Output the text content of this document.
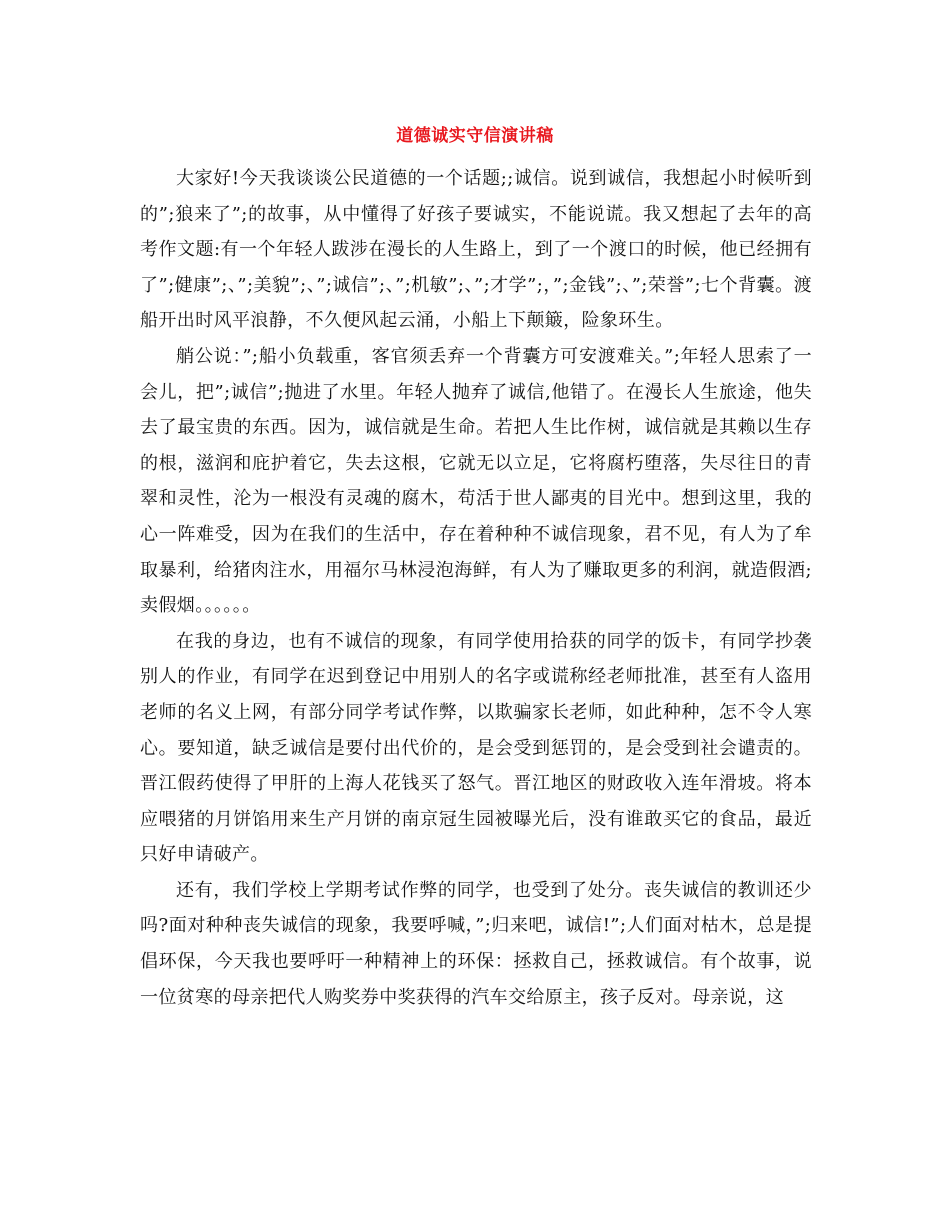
道德诚实守信演讲稿

大家好!今天我谈谈公民道德的一个话题;;诚信。说到诚信，我想起小时候听到的”;狼来了”;的故事，从中懂得了好孩子要诚实，不能说谎。我又想起了去年的高考作文题:有一个年轻人跋涉在漫长的人生路上，到了一个渡口的时候，他已经拥有了”;健康”;、”;美貌”;、”;诚信”;、”;机敏”;、”;才学”;，”;金钱”;、”;荣誉”;七个背囊。渡船开出时风平浪静，不久便风起云涌，小船上下颠簸，险象环生。

艄公说：”;船小负载重，客官须丢弃一个背囊方可安渡难关。”;年轻人思索了一会儿，把”;诚信”;抛进了水里。年轻人抛弃了诚信,他错了。在漫长人生旅途，他失去了最宝贵的东西。因为，诚信就是生命。若把人生比作树，诚信就是其赖以生存的根，滋润和庇护着它，失去这根，它就无以立足，它将腐朽堕落，失尽往日的青翠和灵性，沦为一根没有灵魂的腐木，苟活于世人鄙夷的目光中。想到这里，我的心一阵难受，因为在我们的生活中，存在着种种不诚信现象，君不见，有人为了牟取暴利，给猪肉注水，用福尔马林浸泡海鲜，有人为了赚取更多的利润，就造假酒;卖假烟。。。。。。

在我的身边，也有不诚信的现象，有同学使用拾获的同学的饭卡，有同学抄袭别人的作业，有同学在迟到登记中用别人的名字或谎称经老师批准，甚至有人盗用老师的名义上网，有部分同学考试作弊，以欺骗家长老师，如此种种，怎不令人寒心。要知道，缺乏诚信是要付出代价的，是会受到惩罚的，是会受到社会谴责的。晋江假药使得了甲肝的上海人花钱买了怒气。晋江地区的财政收入连年滑坡。将本应喂猪的月饼馅用来生产月饼的南京冠生园被曝光后，没有谁敢买它的食品，最近只好申请破产。

还有，我们学校上学期考试作弊的同学，也受到了处分。丧失诚信的教训还少吗?面对种种丧失诚信的现象，我要呼喊，”;归来吧，诚信!”;人们面对枯木，总是提倡环保，今天我也要呼吁一种精神上的环保：拯救自己，拯救诚信。有个故事，说一位贫寒的母亲把代人购奖券中奖获得的汽车交给原主，孩子反对。母亲说，这
